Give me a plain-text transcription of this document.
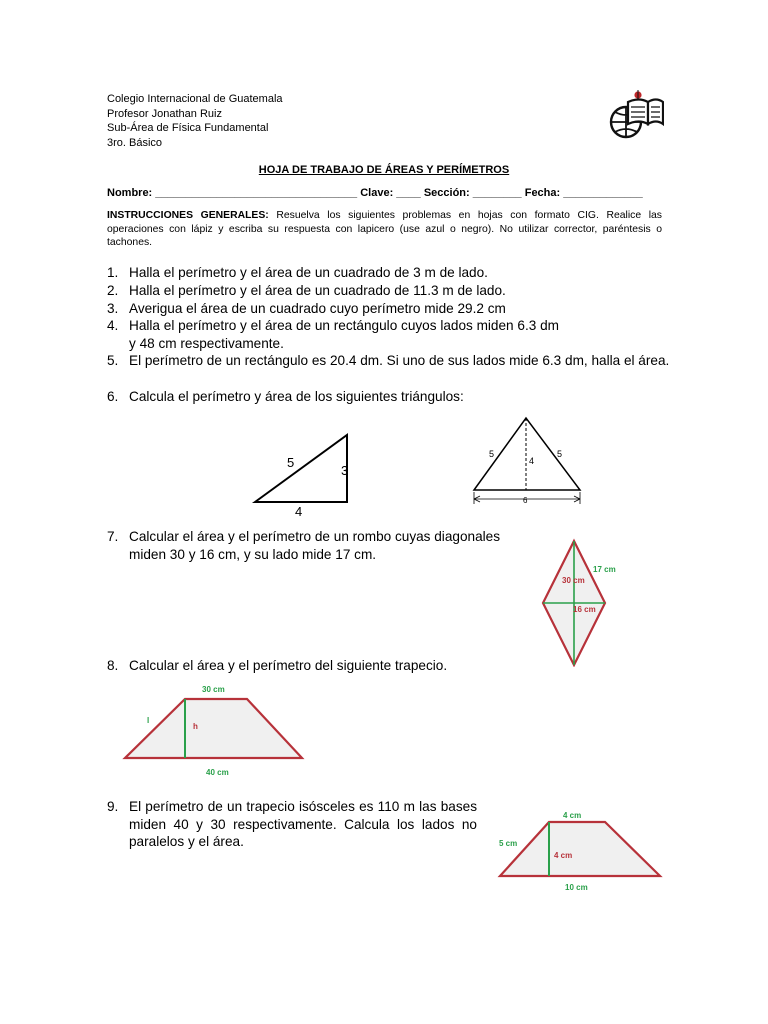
Colegio Internacional de Guatemala
Profesor Jonathan Ruiz
Sub-Área de Física Fundamental
3ro. Básico
HOJA DE TRABAJO DE ÁREAS Y PERÍMETROS
Nombre: _________________________________ Clave: ____ Sección: ________ Fecha: _____________
INSTRUCCIONES GENERALES: Resuelva los siguientes problemas en hojas con formato CIG. Realice las operaciones con lápiz y escriba su respuesta con lapicero (use azul o negro). No utilizar corrector, paréntesis o tachones.
1. Halla el perímetro y el área de un cuadrado de 3 m de lado.
2. Halla el perímetro y el área de un cuadrado de 11.3 m de lado.
3. Averigua el área de un cuadrado cuyo perímetro mide 29.2 cm
4. Halla el perímetro y el área de un rectángulo cuyos lados miden 6.3 dm y 48 cm respectivamente.
5. El perímetro de un rectángulo es 20.4 dm. Si uno de sus lados mide 6.3 dm, halla el área.
6. Calcula el perímetro y área de los siguientes triángulos:
5
3
4
5	5
4
6
7. Calcular el área y el perímetro de un rombo cuyas diagonales miden 30 y 16 cm, y su lado mide 17 cm.
17 cm
30 cm
16 cm
8. Calcular el área y el perímetro del siguiente trapecio.
30 cm
l
h
40 cm
9. El perímetro de un trapecio isósceles es 110 m las bases miden 40 y 30 respectivamente. Calcula los lados no paralelos y el área.
4 cm
5 cm
4 cm
10 cm
